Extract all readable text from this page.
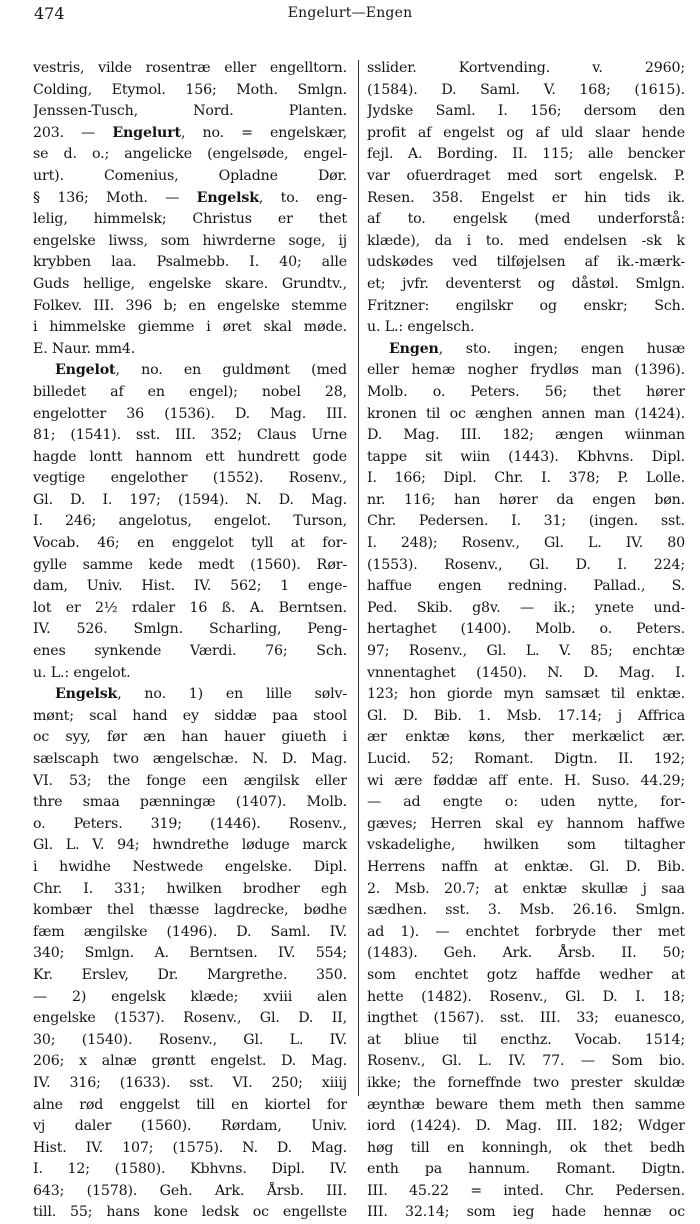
474	Engelurt—Engen
vestris, vilde rosentræ eller engelltorn.
Colding, Etymol. 156; Moth. Smlgn.
Jenssen-Tusch, Nord. Planten.
203. — Engelurt, no. = engelskær,
se d. o.; angelicke (engelsøde, engel-
urt). Comenius, Opladne Dør.
§ 136; Moth. — Engelsk, to. eng-
lelig, himmelsk; Christus er thet
engelske liwss, som hiwrderne soge, ij
krybben laa. Psalmebb. I. 40; alle
Guds hellige, engelske skare. Grundtv.,
Folkev. III. 396 b; en engelske stemme
i himmelske giemme i øret skal møde.
E. Naur. mm4.
Engelot, no. en guldmønt (med
billedet af en engel); nobel 28,
engelotter 36 (1536). D. Mag. III.
81; (1541). sst. III. 352; Claus Urne
hagde lontt hannom ett hundrett gode
vegtige engelother (1552). Rosenv.,
Gl. D. I. 197; (1594). N. D. Mag.
I. 246; angelotus, engelot. Turson,
Vocab. 46; en enggelot tyll at for-
gylle samme kede medt (1560). Rør-
dam, Univ. Hist. IV. 562; 1 enge-
lot er 2½ rdaler 16 ß. A. Berntsen.
IV. 526. Smlgn. Scharling, Peng-
enes synkende Værdi. 76; Sch.
u. L.: engelot.
Engelsk, no. 1) en lille sølv-
mønt; scal hand ey siddæ paa stool
oc syy, før æn han hauer giueth i
sælscaph two ængelschæ. N. D. Mag.
VI. 53; the fonge een ængilsk eller
thre smaa pænningæ (1407). Molb.
o. Peters. 319; (1446). Rosenv.,
Gl. L. V. 94; hwndrethe løduge marck
i hwidhe Nestwede engelske. Dipl.
Chr. I. 331; hwilken brodher egh
kombær thel thæsse lagdrecke, bødhe
fæm ængilske (1496). D. Saml. IV.
340; Smlgn. A. Berntsen. IV. 554;
Kr. Erslev, Dr. Margrethe. 350.
— 2) engelsk klæde; xviii alen
engelske (1537). Rosenv., Gl. D. II,
30; (1540). Rosenv., Gl. L. IV.
206; x alnæ grøntt engelst. D. Mag.
IV. 316; (1633). sst. VI. 250; xiiij
alne rød enggelst till en kiortel for
vj daler (1560). Rørdam, Univ.
Hist. IV. 107; (1575). N. D. Mag.
I. 12; (1580). Kbhvns. Dipl. IV.
643; (1578). Geh. Ark. Årsb. III.
till. 55; hans kone ledsk oc engellste
sslider. Kortvending. v. 2960;
(1584). D. Saml. V. 168; (1615).
Jydske Saml. I. 156; dersom den
profit af engelst og af uld slaar hende
fejl. A. Bording. II. 115; alle bencker
var ofuerdraget med sort engelsk. P.
Resen. 358. Engelst er hin tids ik.
af to. engelsk (med underforstå:
klæde), da i to. med endelsen -sk k
udskødes ved tilføjelsen af ik.-mærk-
et; jvfr. deventerst og dåstøl. Smlgn.
Fritzner: engilskr og enskr; Sch.
u. L.: engelsch.
Engen, sto. ingen; engen husæ
eller hemæ nogher frydløs man (1396).
Molb. o. Peters. 56; thet hører
kronen til oc ænghen annen man (1424).
D. Mag. III. 182; ængen wiinman
tappe sit wiin (1443). Kbhvns. Dipl.
I. 166; Dipl. Chr. I. 378; P. Lolle.
nr. 116; han hører da engen bøn.
Chr. Pedersen. I. 31; (ingen. sst.
I. 248); Rosenv., Gl. L. IV. 80
(1553). Rosenv., Gl. D. I. 224;
haffue engen redning. Pallad., S.
Ped. Skib. g8v. — ik.; ynete und-
hertaghet (1400). Molb. o. Peters.
97; Rosenv., Gl. L. V. 85; enchtæ
vnnentaghet (1450). N. D. Mag. I.
123; hon giorde myn samsæt til enktæ.
Gl. D. Bib. 1. Msb. 17.14; j Affrica
ær enktæ køns, ther merkælict ær.
Lucid. 52; Romant. Digtn. II. 192;
wi ære føddæ aff ente. H. Suso. 44.29;
— ad engte o: uden nytte, for-
gæves; Herren skal ey hannom haffwe
vskadelighe, hwilken som tiltagher
Herrens naffn at enktæ. Gl. D. Bib.
2. Msb. 20.7; at enktæ skullæ j saa
sædhen. sst. 3. Msb. 26.16. Smlgn.
ad 1). — enchtet forbryde ther met
(1483). Geh. Ark. Årsb. II. 50;
som enchtet gotz haffde wedher at
hette (1482). Rosenv., Gl. D. I. 18;
ingthet (1567). sst. III. 33; euanesco,
at bliue til encthz. Vocab. 1514;
Rosenv., Gl. L. IV. 77. — Som bio.
ikke; the forneffnde two prester skuldæ
æynthæ beware them meth then samme
iord (1424). D. Mag. III. 182; Wdger
høg till en konningh, ok thet bedh
enth pa hannum. Romant. Digtn.
III. 45.22 = inted. Chr. Pedersen.
III. 32.14; som ieg hade hennæ oc
